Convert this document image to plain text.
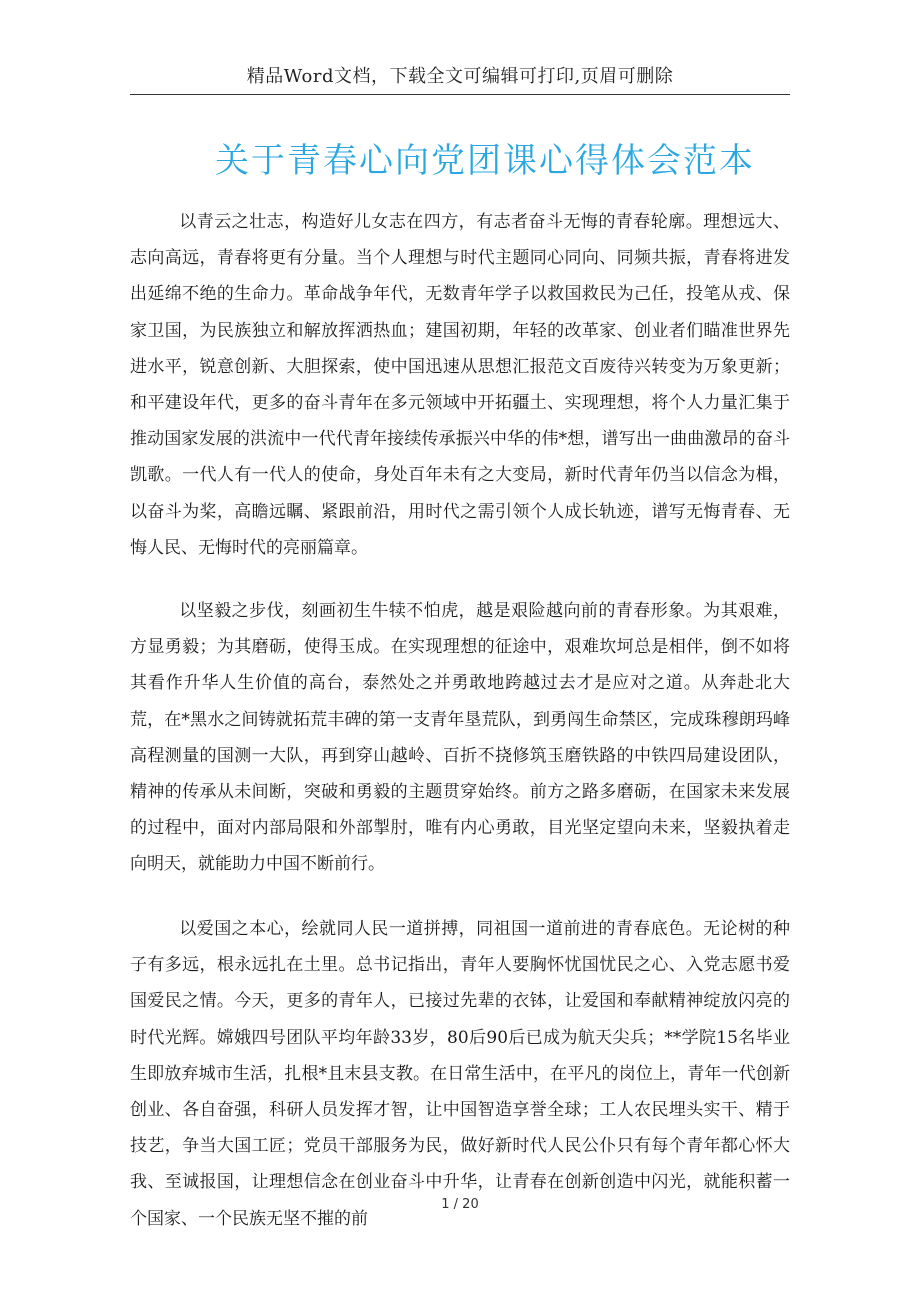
精品Word文档，下载全文可编辑可打印,页眉可删除
关于青春心向党团课心得体会范本

以青云之壮志，构造好儿女志在四方，有志者奋斗无悔的青春轮廓。理想远大、志向高远，青春将更有分量。当个人理想与时代主题同心同向、同频共振，青春将进发出延绵不绝的生命力。革命战争年代，无数青年学子以救国救民为己任，投笔从戎、保家卫国，为民族独立和解放挥洒热血；建国初期，年轻的改革家、创业者们瞄准世界先进水平，锐意创新、大胆探索，使中国迅速从思想汇报范文百废待兴转变为万象更新；和平建设年代，更多的奋斗青年在多元领域中开拓疆土、实现理想，将个人力量汇集于推动国家发展的洪流中一代代青年接续传承振兴中华的伟*想，谱写出一曲曲激昂的奋斗凯歌。一代人有一代人的使命，身处百年未有之大变局，新时代青年仍当以信念为楫，以奋斗为桨，高瞻远瞩、紧跟前沿，用时代之需引领个人成长轨迹，谱写无悔青春、无悔人民、无悔时代的亮丽篇章。

以坚毅之步伐，刻画初生牛犊不怕虎，越是艰险越向前的青春形象。为其艰难，方显勇毅；为其磨砺，使得玉成。在实现理想的征途中，艰难坎坷总是相伴，倒不如将其看作升华人生价值的高台，泰然处之并勇敢地跨越过去才是应对之道。从奔赴北大荒，在*黑水之间铸就拓荒丰碑的第一支青年垦荒队，到勇闯生命禁区，完成珠穆朗玛峰高程测量的国测一大队，再到穿山越岭、百折不挠修筑玉磨铁路的中铁四局建设团队，精神的传承从未间断，突破和勇毅的主题贯穿始终。前方之路多磨砺，在国家未来发展的过程中，面对内部局限和外部掣肘，唯有内心勇敢，目光坚定望向未来，坚毅执着走向明天，就能助力中国不断前行。

以爱国之本心，绘就同人民一道拼搏，同祖国一道前进的青春底色。无论树的种子有多远，根永远扎在土里。总书记指出，青年人要胸怀忧国忧民之心、入党志愿书爱国爱民之情。今天，更多的青年人，已接过先辈的衣钵，让爱国和奉献精神绽放闪亮的时代光辉。嫦娥四号团队平均年龄33岁，80后90后已成为航天尖兵；**学院15名毕业生即放弃城市生活，扎根*且末县支教。在日常生活中，在平凡的岗位上，青年一代创新创业、各自奋强，科研人员发挥才智，让中国智造享誉全球；工人农民埋头实干、精于技艺，争当大国工匠；党员干部服务为民，做好新时代人民公仆只有每个青年都心怀大我、至诚报国，让理想信念在创业奋斗中升华，让青春在创新创造中闪光，就能积蓄一个国家、一个民族无坚不摧的前

1 / 20
